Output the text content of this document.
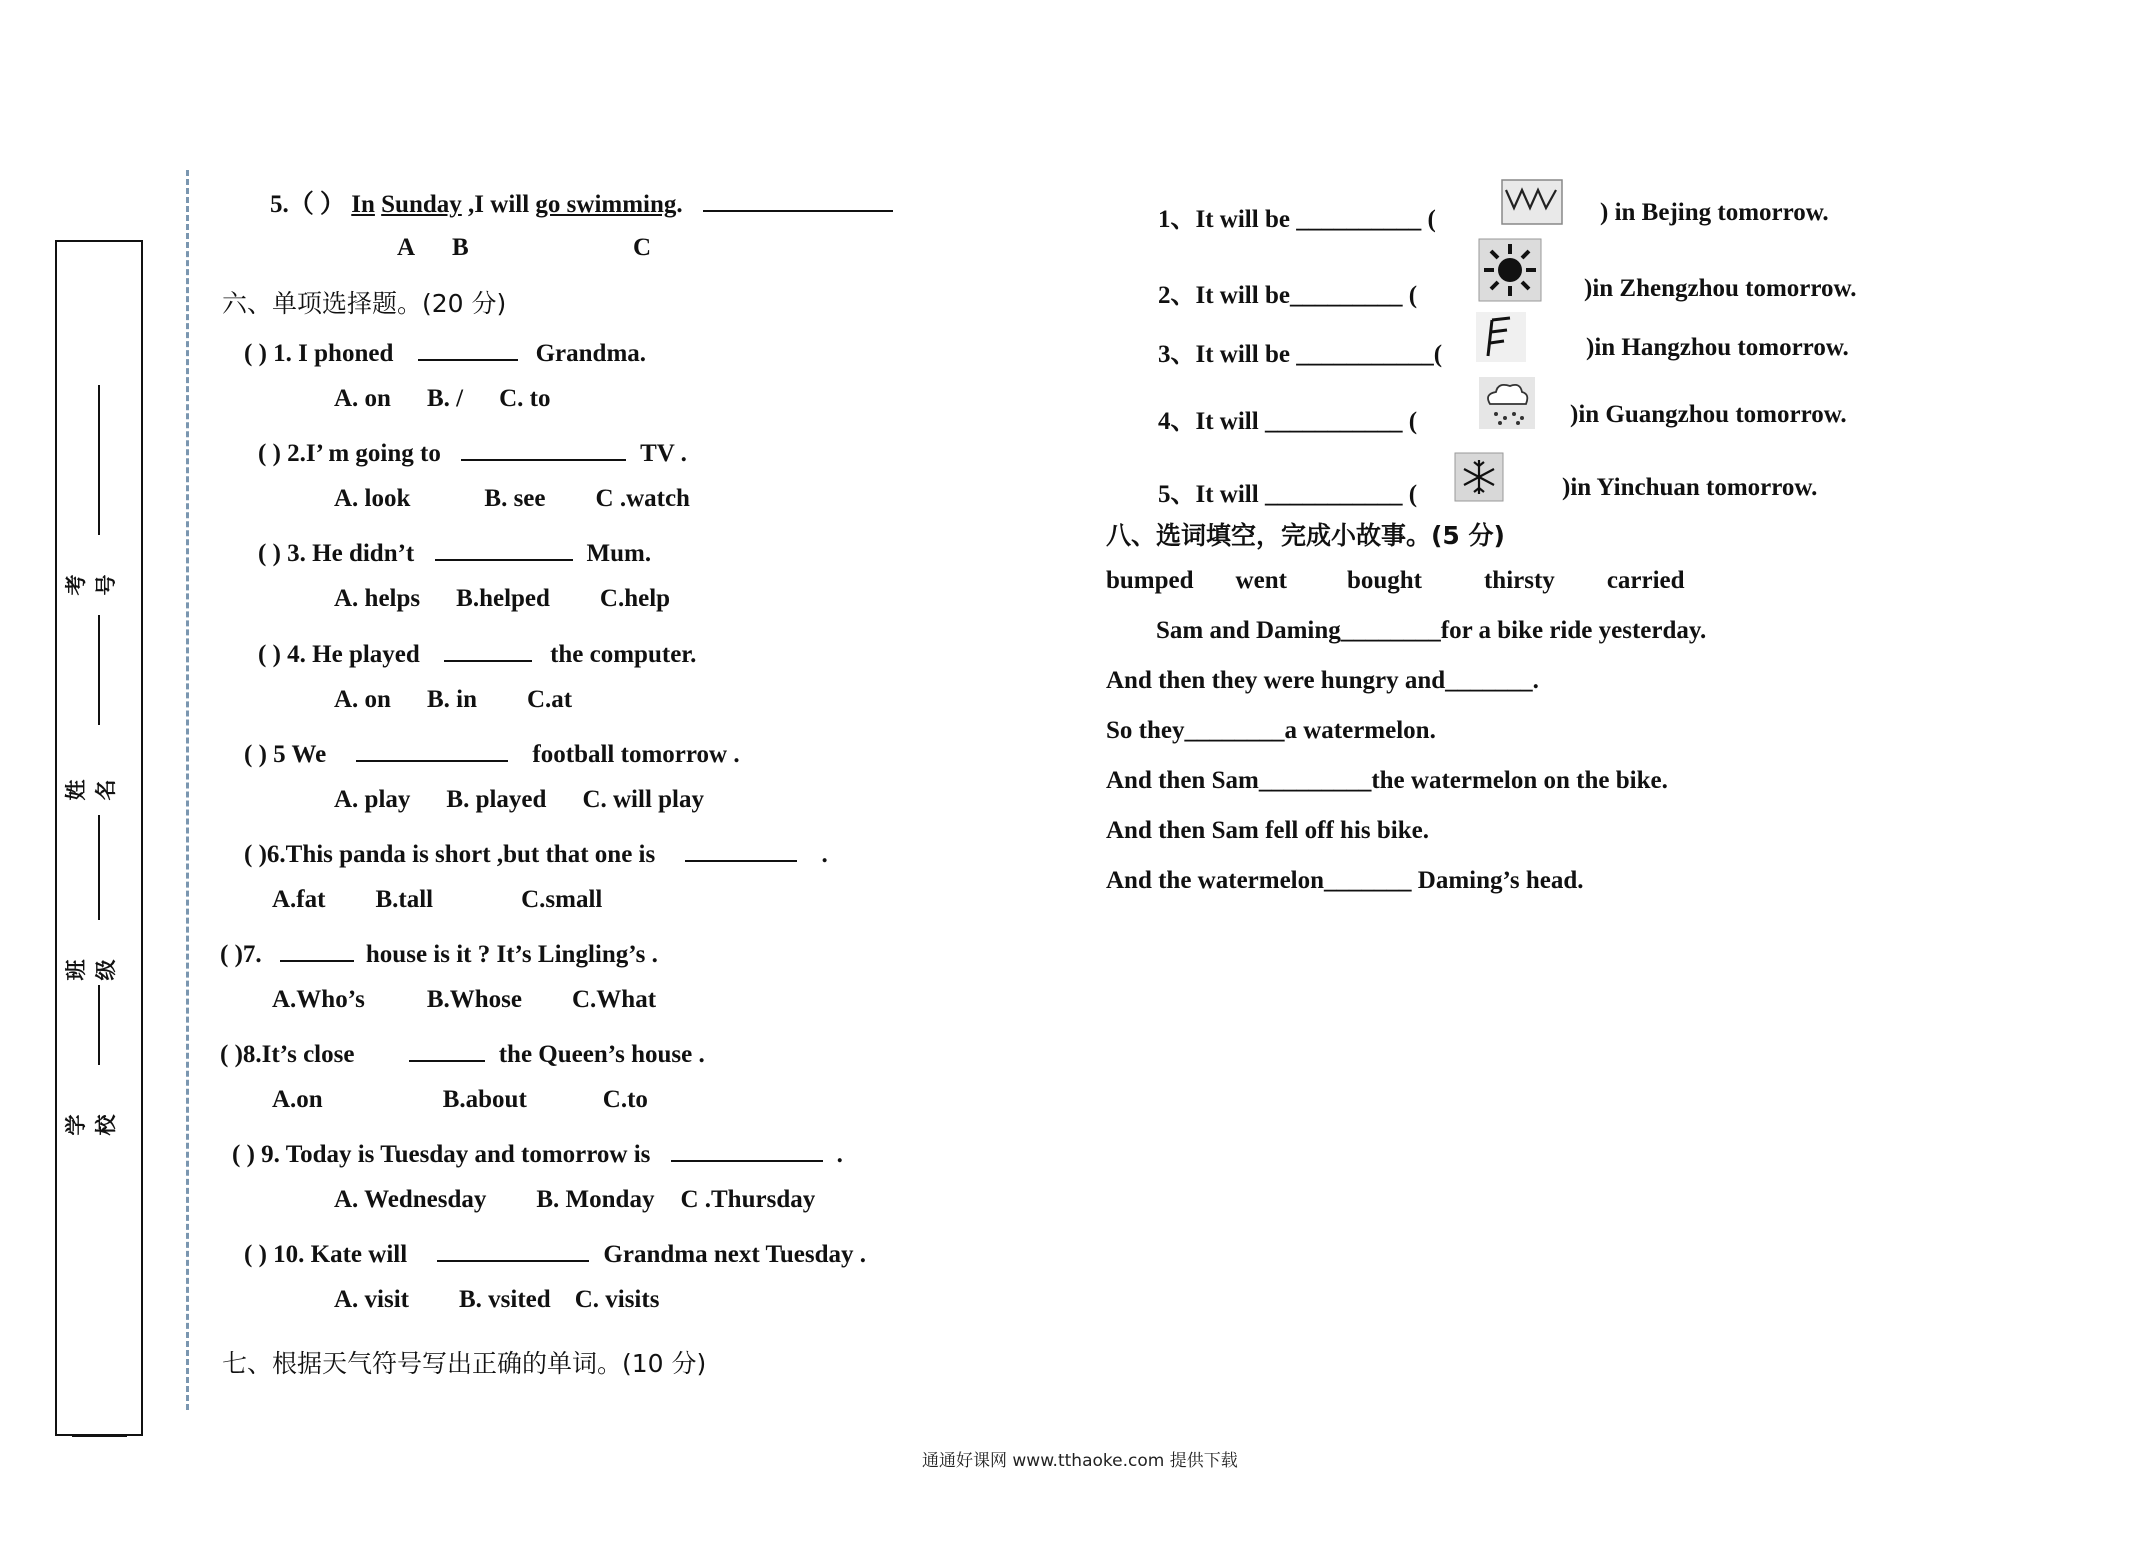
考号
姓名
班级
学校
5.（ ） In Sunday ,I will go swimming.
A B	C
六、单项选择题。(20 分)
( ) 1. I phoned	Grandma.
A. on B. / C. to
( ) 2.I’ m going to	TV .
A. look	B. see C .watch
( ) 3. He didn’t	Mum.
A. helps B.helped C.help
( ) 4. He played	the computer.
A. on B. in C.at
( ) 5 We	football tomorrow .
A. play B. played C. will play
( )6.This panda is short ,but that one is	.
A.fat B.tall	C.small
( )7.	house is it ? It’s Lingling’s .
A.Who’s B.Whose C.What
( )8.It’s close	the Queen’s house .
A.on	B.about	C.to
( ) 9. Today is Tuesday and tomorrow is	.
A. Wednesday B. Monday C .Thursday
( ) 10. Kate will	Grandma next Tuesday .
A. visit B. vsited C. visits
七、根据天气符号写出正确的单词。(10 分)
1、It will be __________ (	) in Bejing tomorrow.
2、It will be_________ (	)in Zhengzhou tomorrow.
3、It will be ___________(	)in Hangzhou tomorrow.
4、It will ___________ (	)in Guangzhou tomorrow.
5、It will ___________ (	)in Yinchuan tomorrow.
八、选词填空，完成小故事。(5 分)
bumped went bought thirsty carried
Sam and Daming________for a bike ride yesterday.
And then they were hungry and_______.
So they________a watermelon.
And then Sam_________the watermelon on the bike.
And then Sam fell off his bike.
And the watermelon_______ Daming’s head.
通通好课网 www.tthaoke.com 提供下载
